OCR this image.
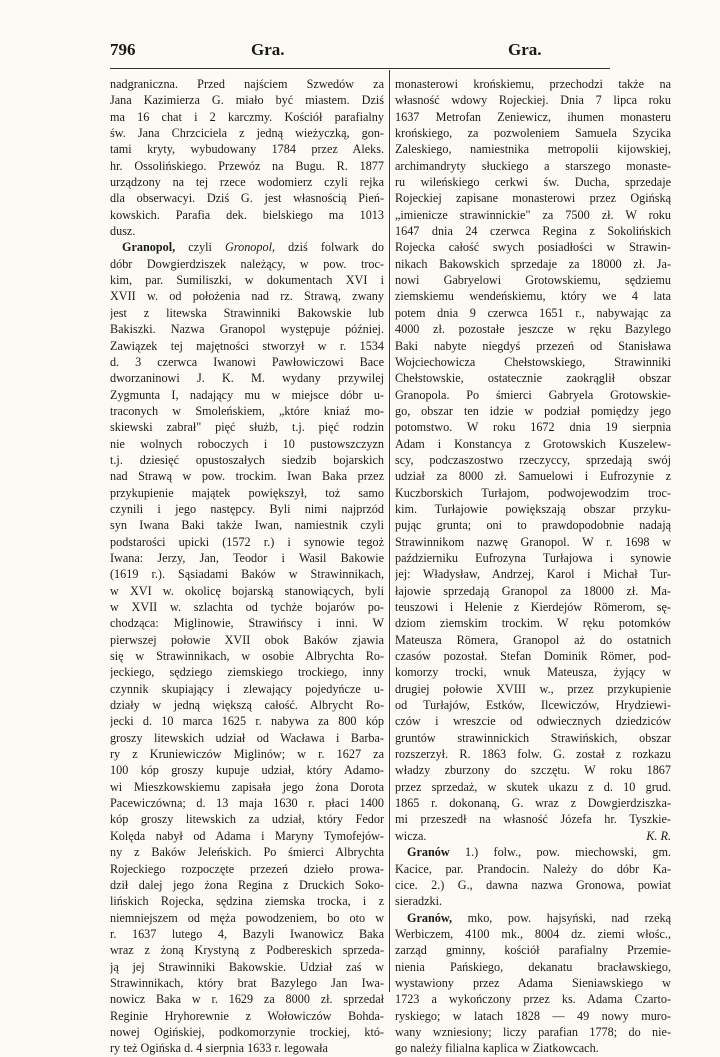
796	Gra.	Gra.
nadgraniczna. Przed najściem Szwedów za
Jana Kazimierza G. miało być miastem. Dziś
ma 16 chat i 2 karczmy. Kościół parafialny
św. Jana Chrzciciela z jedną wieżyczką, gon-
tami kryty, wybudowany 1784 przez Aleks.
hr. Ossolińskiego. Przewóz na Bugu. R. 1877
urządzony na tej rzece wodomierz czyli rejka
dla obserwacyi. Dziś G. jest własnością Pień-
kowskich. Parafia dek. bielskiego ma 1013
dusz.
Granopol, czyli Gronopol, dziś folwark do
dóbr Dowgierdziszek należący, w pow. troc-
kim, par. Sumiliszki, w dokumentach XVI i
XVII w. od położenia nad rz. Strawą, zwany
jest z litewska Strawinniki Bakowskie lub
Bakiszki. Nazwa Granopol występuje później.
Zawiązek tej majętności stworzył w r. 1534
d. 3 czerwca Iwanowi Pawłowiczowi Bace
dworzaninowi J. K. M. wydany przywilej
Zygmunta I, nadający mu w miejsce dóbr u-
traconych w Smoleńskiem, „które kniaź mo-
skiewski zabrał" pięć służb, t.j. pięć rodzin
nie wolnych roboczych i 10 pustowszczyzn
t.j. dziesięć opustoszałych siedzib bojarskich
nad Strawą w pow. trockim. Iwan Baka przez
przykupienie majątek powiększył, toż samo
czynili i jego następcy. Byli nimi najprzód
syn Iwana Baki także Iwan, namiestnik czyli
podstarości upicki (1572 r.) i synowie tegoż
Iwana: Jerzy, Jan, Teodor i Wasil Bakowie
(1619 r.). Sąsiadami Baków w Strawinnikach,
w XVI w. okolicę bojarską stanowiących, byli
w XVII w. szlachta od tychże bojarów po-
chodząca: Miglinowie, Strawińscy i inni. W
pierwszej połowie XVII obok Baków zjawia
się w Strawinnikach, w osobie Albrychta Ro-
jeckiego, sędziego ziemskiego trockiego, inny
czynnik skupiający i zlewający pojedyńcze u-
działy w jedną większą całość. Albrycht Ro-
jecki d. 10 marca 1625 r. nabywa za 800 kóp
groszy litewskich udział od Wacława i Barba-
ry z Kruniewiczów Miglinów; w r. 1627 za
100 kóp groszy kupuje udział, który Adamo-
wi Mieszkowskiemu zapisała jego żona Dorota
Pacewiczówna; d. 13 maja 1630 r. płaci 1400
kóp groszy litewskich za udział, który Fedor
Kolęda nabył od Adama i Maryny Tymofejów-
ny z Baków Jeleńskich. Po śmierci Albrychta
Rojeckiego rozpoczęte przezeń dzieło prowa-
dził dalej jego żona Regina z Druckich Soko-
lińskich Rojecka, sędzina ziemska trocka, i z
niemniejszem od męża powodzeniem, bo oto w
r. 1637 lutego 4, Bazyli Iwanowicz Baka
wraz z żoną Krystyną z Podbereskich sprzeda-
ją jej Strawinniki Bakowskie. Udział zaś w
Strawinnikach, który brat Bazylego Jan Iwa-
nowicz Baka w r. 1629 za 8000 zł. sprzedał
Reginie Hryhorewnie z Wołowiczów Bohda-
nowej Ogińskiej, podkomorzynie trockiej, któ-
ry też Ogińska d. 4 sierpnia 1633 r. legowała
monasterowi krońskiemu, przechodzi także na
własność wdowy Rojeckiej. Dnia 7 lipca roku
1637 Metrofan Zeniewicz, ihumen monasteru
krońskiego, za pozwoleniem Samuela Szycika
Zaleskiego, namiestnika metropolii kijowskiej,
archimandryty słuckiego a starszego monaste-
ru wileńskiego cerkwi św. Ducha, sprzedaje
Rojeckiej zapisane monasterowi przez Ogińską
„imienicze strawinnickie" za 7500 zł. W roku
1647 dnia 24 czerwca Regina z Sokolińskich
Rojecka całość swych posiadłości w Strawin-
nikach Bakowskich sprzedaje za 18000 zł. Ja-
nowi Gabryelowi Grotowskiemu, sędziemu
ziemskiemu wendeńskiemu, który we 4 lata
potem dnia 9 czerwca 1651 r., nabywając za
4000 zł. pozostałe jeszcze w ręku Bazylego
Baki nabyte niegdyś przezeń od Stanisława
Wojciechowicza Chełstowskiego, Strawinniki
Chełstowskie, ostatecznie zaokrąglił obszar
Granopola. Po śmierci Gabryela Grotowskie-
go, obszar ten idzie w podział pomiędzy jego
potomstwo. W roku 1672 dnia 19 sierpnia
Adam i Konstancya z Grotowskich Kuszelew-
scy, podczaszostwo rzeczyccy, sprzedają swój
udział za 8000 zł. Samuelowi i Eufrozynie z
Kuczborskich Turłajom, podwojewodzim troc-
kim. Turłajowie powiększają obszar przyku-
pując grunta; oni to prawdopodobnie nadają
Strawinnikom nazwę Granopol. W r. 1698 w
październiku Eufrozyna Turłajowa i synowie
jej: Władysław, Andrzej, Karol i Michał Tur-
łajowie sprzedają Granopol za 18000 zł. Ma-
teuszowi i Helenie z Kierdejów Römerom, sę-
dziom ziemskim trockim. W ręku potomków
Mateusza Römera, Granopol aż do ostatnich
czasów pozostał. Stefan Dominik Römer, pod-
komorzy trocki, wnuk Mateusza, żyjący w
drugiej połowie XVIII w., przez przykupienie
od Turłajów, Estków, Ilcewiczów, Hrydziewi-
czów i wreszcie od odwiecznych dziedziców
gruntów strawinnickich Strawińskich, obszar
rozszerzył. R. 1863 folw. G. został z rozkazu
władzy zburzony do szczętu. W roku 1867
przez sprzedaż, w skutek ukazu z d. 10 grud.
1865 r. dokonaną, G. wraz z Dowgierdziszka-
mi przeszedł na własność Józefa hr. Tyszkie-
wicza.	K. R.
Granów 1.) folw., pow. miechowski, gm.
Kacice, par. Prandocin. Należy do dóbr Ka-
cice. 2.) G., dawna nazwa Gronowa, powiat
sieradzki.
Granów, mko, pow. hajsyński, nad rzeką
Werbiczem, 4100 mk., 8004 dz. ziemi włośc.,
zarząd gminny, kościół parafialny Przemie-
nienia Pańskiego, dekanatu bracławskiego,
wystawiony przez Adama Sieniawskiego w
1723 a wykończony przez ks. Adama Czarto-
ryskiego; w latach 1828 — 49 nowy muro-
wany wzniesiony; liczy parafian 1778; do nie-
go należy filialna kaplica w Ziatkowcach.
